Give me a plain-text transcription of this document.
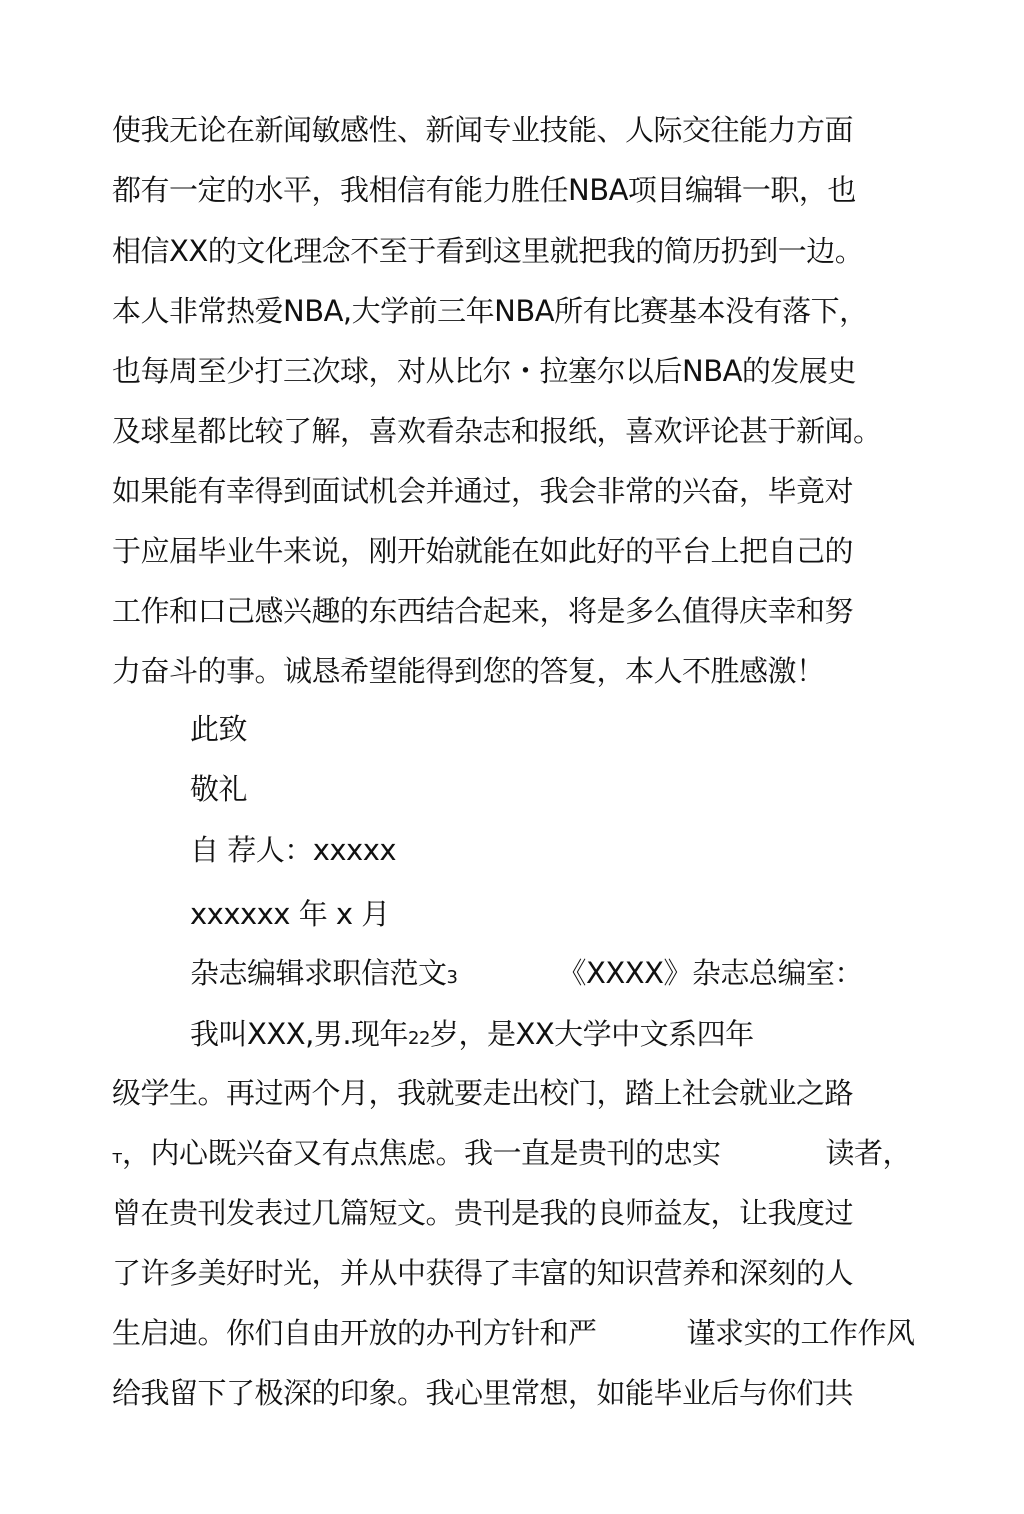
使我无论在新闻敏感性、新闻专业技能、人际交往能力方面
都有一定的水平，我相信有能力胜任NBA项目编辑一职，也
相信XX的文化理念不至于看到这里就把我的简历扔到一边。
本人非常热爱NBA,大学前三年NBA所有比赛基本没有落下，
也每周至少打三次球，对从比尔・拉塞尔以后NBA的发展史
及球星都比较了解，喜欢看杂志和报纸，喜欢评论甚于新闻。
如果能有幸得到面试机会并通过，我会非常的兴奋，毕竟对
于应届毕业牛来说，刚开始就能在如此好的平台上把自己的
工作和口己感兴趣的东西结合起来，将是多么值得庆幸和努
力奋斗的事。诚恳希望能得到您的答复，本人不胜感激！
此致
敬礼
自 荐人：xxxxx
xxxxxx 年 x 月
杂志编辑求职信范文3	《XXXX》杂志总编室：
我叫XXX,男.现年22岁，是XX大学中文系四年
级学生。再过两个月，我就要走出校门，踏上社会就业之路
т，内心既兴奋又有点焦虑。我一直是贵刊的忠实	读者，
曾在贵刊发表过几篇短文。贵刊是我的良师益友，让我度过
了许多美好时光，并从中获得了丰富的知识营养和深刻的人
生启迪。你们自由开放的办刊方针和严	谨求实的工作作风
给我留下了极深的印象。我心里常想，如能毕业后与你们共
